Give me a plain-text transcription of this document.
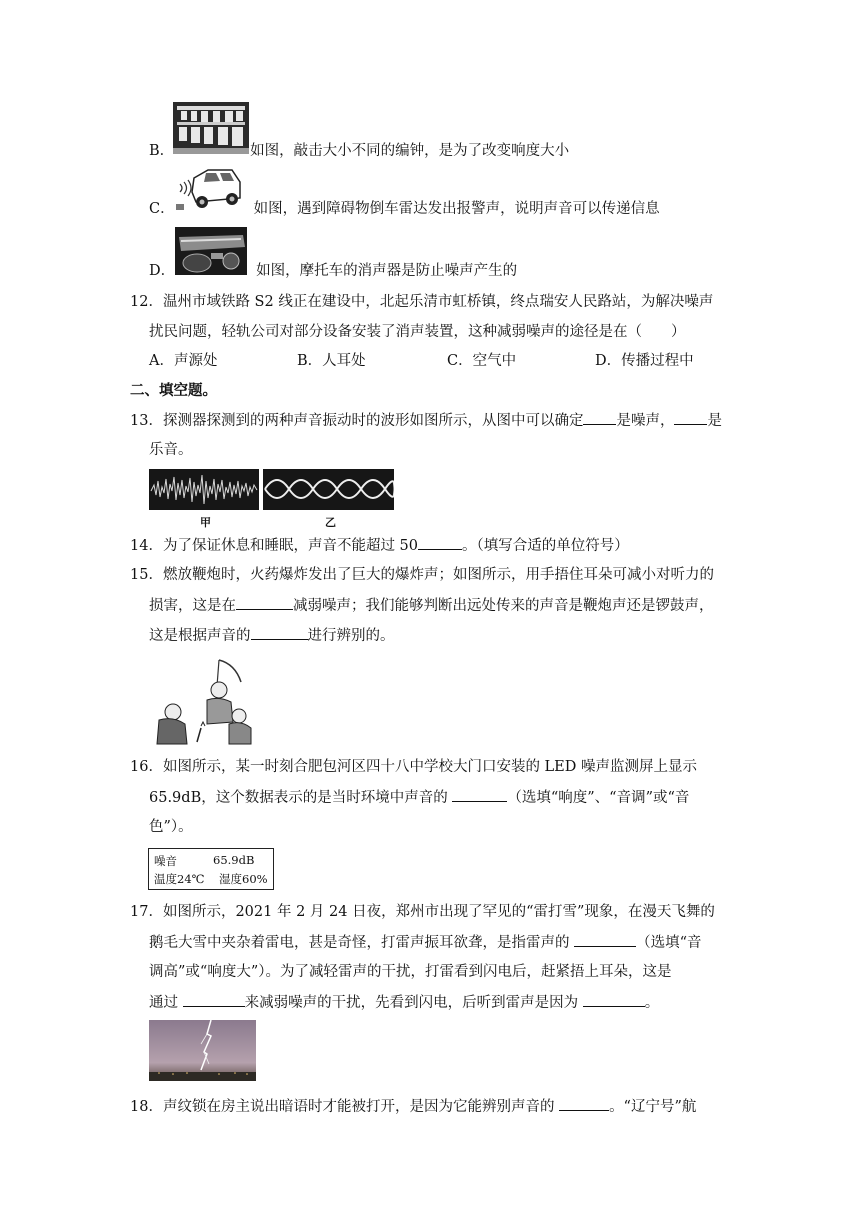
B．	如图，敲击大小不同的编钟，是为了改变响度大小
C．	如图，遇到障碍物倒车雷达发出报警声，说明声音可以传递信息
D．	如图，摩托车的消声器是防止噪声产生的
12．温州市域铁路 S2 线正在建设中，北起乐清市虹桥镇，终点瑞安人民路站，为解决噪声
扰民问题，轻轨公司对部分设备安装了消声装置，这种减弱噪声的途径是在（　　）
A．声源处	B．人耳处	C．空气中	D．传播过程中
二、填空题。
13．探测器探测到的两种声音振动时的波形如图所示，从图中可以确定 是噪声， 是
乐音。
甲	乙
14．为了保证休息和睡眠，声音不能超过 50	。（填写合适的单位符号）
15．燃放鞭炮时，火药爆炸发出了巨大的爆炸声；如图所示，用手捂住耳朵可减小对听力的
损害，这是在	减弱噪声；我们能够判断出远处传来的声音是鞭炮声还是锣鼓声，
这是根据声音的	进行辨别的。
16．如图所示，某一时刻合肥包河区四十八中学校大门口安装的 LED 噪声监测屏上显示
65.9dB，这个数据表示的是当时环境中声音的	（选填“响度”、“音调”或“音
色”）。
噪音	65.9dB
温度24℃ 湿度60%
17．如图所示，2021 年 2 月 24 日夜，郑州市出现了罕见的“雷打雪”现象，在漫天飞舞的
鹅毛大雪中夹杂着雷电，甚是奇怪，打雷声振耳欲聋，是指雷声的	（选填“音
调高”或“响度大”）。为了减轻雷声的干扰，打雷看到闪电后，赶紧捂上耳朵，这是
通过	来减弱噪声的干扰，先看到闪电，后听到雷声是因为	。
18．声纹锁在房主说出暗语时才能被打开，是因为它能辨别声音的	。“辽宁号”航
